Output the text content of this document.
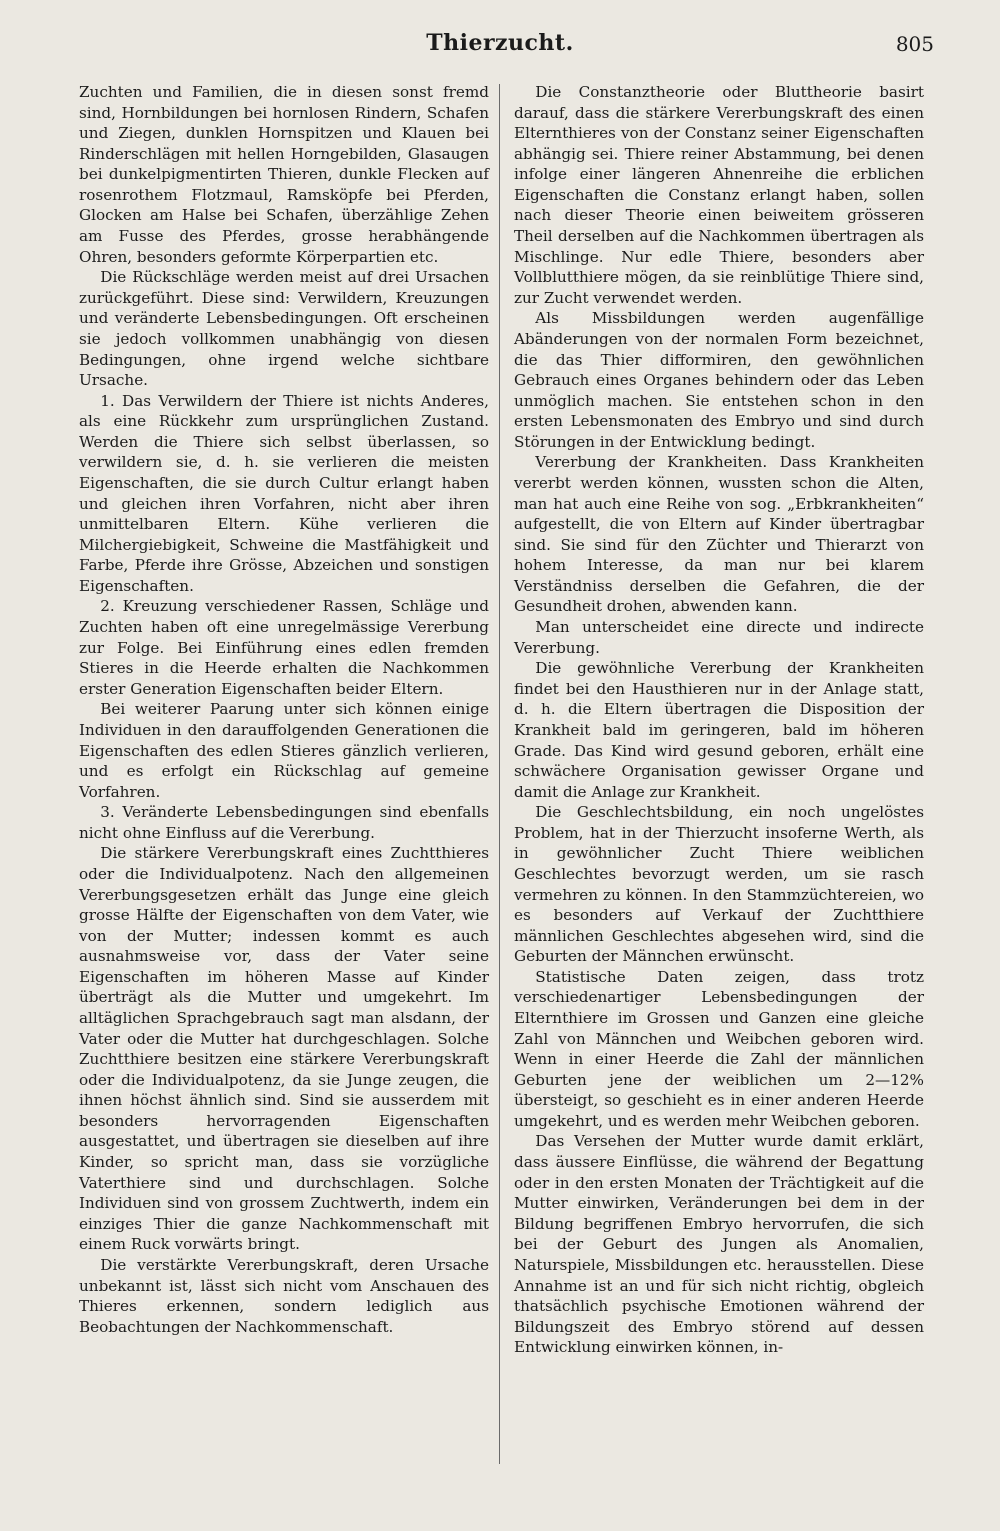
Thierzucht.	805

Zuchten und Familien, die in diesen sonst fremd sind, Hornbildungen bei hornlosen Rindern, Schafen und Ziegen, dunklen Hornspitzen und Klauen bei Rinderschlägen mit hellen Horngebilden, Glasaugen bei dunkelpigmentirten Thieren, dunkle Flecken auf rosenrothem Flotzmaul, Ramsköpfe bei Pferden, Glocken am Halse bei Schafen, überzählige Zehen am Fusse des Pferdes, grosse herabhängende Ohren, besonders geformte Körperpartien etc.

Die Rückschläge werden meist auf drei Ursachen zurückgeführt. Diese sind: Verwildern, Kreuzungen und veränderte Lebensbedingungen. Oft erscheinen sie jedoch vollkommen unabhängig von diesen Bedingungen, ohne irgend welche sichtbare Ursache.

1. Das Verwildern der Thiere ist nichts Anderes, als eine Rückkehr zum ursprünglichen Zustand. Werden die Thiere sich selbst überlassen, so verwildern sie, d. h. sie verlieren die meisten Eigenschaften, die sie durch Cultur erlangt haben und gleichen ihren Vorfahren, nicht aber ihren unmittelbaren Eltern. Kühe verlieren die Milchergiebigkeit, Schweine die Mastfähigkeit und Farbe, Pferde ihre Grösse, Abzeichen und sonstigen Eigenschaften.

2. Kreuzung verschiedener Rassen, Schläge und Zuchten haben oft eine unregelmässige Vererbung zur Folge. Bei Einführung eines edlen fremden Stieres in die Heerde erhalten die Nachkommen erster Generation Eigenschaften beider Eltern.

Bei weiterer Paarung unter sich können einige Individuen in den darauffolgenden Generationen die Eigenschaften des edlen Stieres gänzlich verlieren, und es erfolgt ein Rückschlag auf gemeine Vorfahren.

3. Veränderte Lebensbedingungen sind ebenfalls nicht ohne Einfluss auf die Vererbung.

Die stärkere Vererbungskraft eines Zuchtthieres oder die Individualpotenz. Nach den allgemeinen Vererbungsgesetzen erhält das Junge eine gleich grosse Hälfte der Eigenschaften von dem Vater, wie von der Mutter; indessen kommt es auch ausnahmsweise vor, dass der Vater seine Eigenschaften im höheren Masse auf Kinder überträgt als die Mutter und umgekehrt. Im alltäglichen Sprachgebrauch sagt man alsdann, der Vater oder die Mutter hat durchgeschlagen. Solche Zuchtthiere besitzen eine stärkere Vererbungskraft oder die Individualpotenz, da sie Junge zeugen, die ihnen höchst ähnlich sind. Sind sie ausserdem mit besonders hervorragenden Eigenschaften ausgestattet, und übertragen sie dieselben auf ihre Kinder, so spricht man, dass sie vorzügliche Vaterthiere sind und durchschlagen. Solche Individuen sind von grossem Zuchtwerth, indem ein einziges Thier die ganze Nachkommenschaft mit einem Ruck vorwärts bringt.

Die verstärkte Vererbungskraft, deren Ursache unbekannt ist, lässt sich nicht vom Anschauen des Thieres erkennen, sondern lediglich aus Beobachtungen der Nachkommenschaft.

Die Constanztheorie oder Bluttheorie basirt darauf, dass die stärkere Vererbungskraft des einen Elternthieres von der Constanz seiner Eigenschaften abhängig sei. Thiere reiner Abstammung, bei denen infolge einer längeren Ahnenreihe die erblichen Eigenschaften die Constanz erlangt haben, sollen nach dieser Theorie einen beiweitem grösseren Theil derselben auf die Nachkommen übertragen als Mischlinge. Nur edle Thiere, besonders aber Vollblutthiere mögen, da sie reinblütige Thiere sind, zur Zucht verwendet werden.

Als Missbildungen werden augenfällige Abänderungen von der normalen Form bezeichnet, die das Thier difformiren, den gewöhnlichen Gebrauch eines Organes behindern oder das Leben unmöglich machen. Sie entstehen schon in den ersten Lebensmonaten des Embryo und sind durch Störungen in der Entwicklung bedingt.

Vererbung der Krankheiten. Dass Krankheiten vererbt werden können, wussten schon die Alten, man hat auch eine Reihe von sog. „Erbkrankheiten“ aufgestellt, die von Eltern auf Kinder übertragbar sind. Sie sind für den Züchter und Thierarzt von hohem Interesse, da man nur bei klarem Verständniss derselben die Gefahren, die der Gesundheit drohen, abwenden kann.

Man unterscheidet eine directe und indirecte Vererbung.

Die gewöhnliche Vererbung der Krankheiten findet bei den Hausthieren nur in der Anlage statt, d. h. die Eltern übertragen die Disposition der Krankheit bald im geringeren, bald im höheren Grade. Das Kind wird gesund geboren, erhält eine schwächere Organisation gewisser Organe und damit die Anlage zur Krankheit.

Die Geschlechtsbildung, ein noch ungelöstes Problem, hat in der Thierzucht insoferne Werth, als in gewöhnlicher Zucht Thiere weiblichen Geschlechtes bevorzugt werden, um sie rasch vermehren zu können. In den Stammzüchtereien, wo es besonders auf Verkauf der Zuchtthiere männlichen Geschlechtes abgesehen wird, sind die Geburten der Männchen erwünscht.

Statistische Daten zeigen, dass trotz verschiedenartiger Lebensbedingungen der Elternthiere im Grossen und Ganzen eine gleiche Zahl von Männchen und Weibchen geboren wird. Wenn in einer Heerde die Zahl der männlichen Geburten jene der weiblichen um 2—12% übersteigt, so geschieht es in einer anderen Heerde umgekehrt, und es werden mehr Weibchen geboren.

Das Versehen der Mutter wurde damit erklärt, dass äussere Einflüsse, die während der Begattung oder in den ersten Monaten der Trächtigkeit auf die Mutter einwirken, Veränderungen bei dem in der Bildung begriffenen Embryo hervorrufen, die sich bei der Geburt des Jungen als Anomalien, Naturspiele, Missbildungen etc. herausstellen. Diese Annahme ist an und für sich nicht richtig, obgleich thatsächlich psychische Emotionen während der Bildungszeit des Embryo störend auf dessen Entwicklung einwirken können, in-
